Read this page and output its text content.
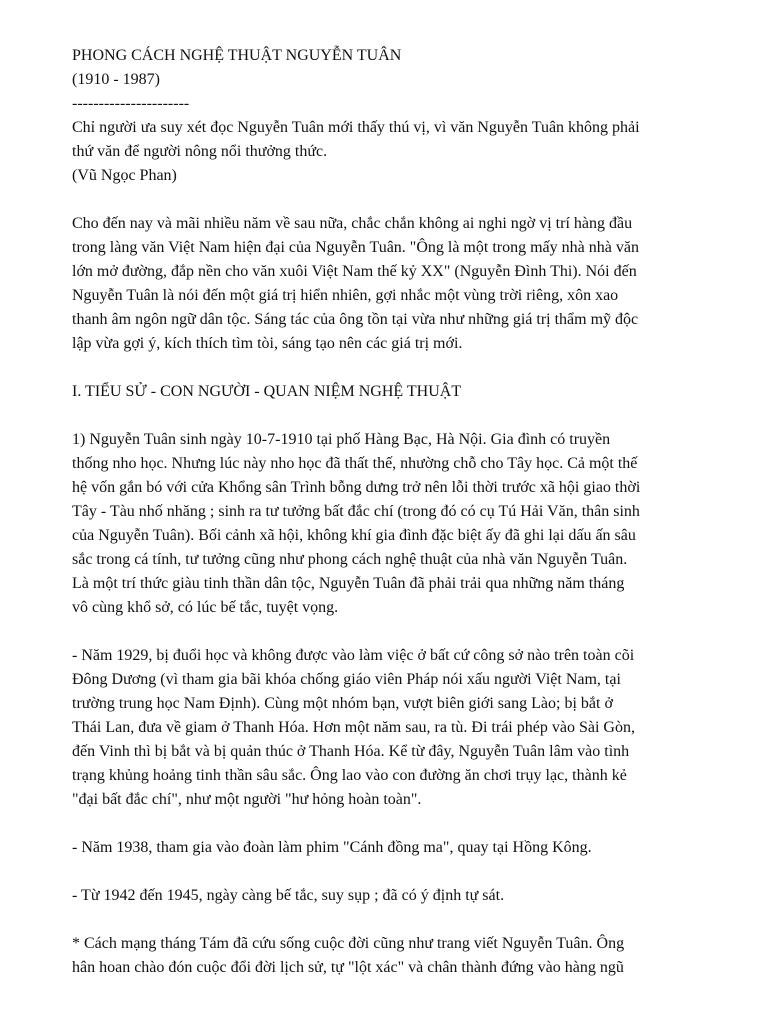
PHONG CÁCH NGHỆ THUẬT NGUYỄN TUÂN

(1910 - 1987)

----------------------

Chỉ người ưa suy xét đọc Nguyễn Tuân mới thấy thú vị, vì văn Nguyễn Tuân không phải
thứ văn để người nông nổi thưởng thức.

(Vũ Ngọc Phan)

Cho đến nay và mãi nhiều năm về sau nữa, chắc chắn không ai nghi ngờ vị trí hàng đầu
trong làng văn Việt Nam hiện đại của Nguyễn Tuân. "Ông là một trong mấy nhà nhà văn
lớn mở đường, đắp nền cho văn xuôi Việt Nam thế kỷ XX" (Nguyễn Đình Thi). Nói đến
Nguyễn Tuân là nói đến một giá trị hiển nhiên, gợi nhắc một vùng trời riêng, xôn xao
thanh âm ngôn ngữ dân tộc. Sáng tác của ông tồn tại vừa như những giá trị thẩm mỹ độc
lập vừa gợi ý, kích thích tìm tòi, sáng tạo nên các giá trị mới.

I. TIỂU SỬ - CON NGƯỜI - QUAN NIỆM NGHỆ THUẬT

1) Nguyễn Tuân sinh ngày 10-7-1910 tại phố Hàng Bạc, Hà Nội. Gia đình có truyền
thống nho học. Nhưng lúc này nho học đã thất thế, nhường chỗ cho Tây học. Cả một thế
hệ vốn gắn bó với cửa Khổng sân Trình bỗng dưng trở nên lỗi thời trước xã hội giao thời
Tây - Tàu nhố nhăng ; sinh ra tư tưởng bất đắc chí (trong đó có cụ Tú Hải Văn, thân sinh
của Nguyễn Tuân). Bối cảnh xã hội, không khí gia đình đặc biệt ấy đã ghi lại dấu ấn sâu
sắc trong cá tính, tư tưởng cũng như phong cách nghệ thuật của nhà văn Nguyễn Tuân.
Là một trí thức giàu tinh thần dân tộc, Nguyễn Tuân đã phải trải qua những năm tháng
vô cùng khổ sở, có lúc bế tắc, tuyệt vọng.

- Năm 1929, bị đuổi học và không được vào làm việc ở bất cứ công sở nào trên toàn cõi
Đông Dương (vì tham gia bãi khóa chống giáo viên Pháp nói xấu người Việt Nam, tại
trường trung học Nam Định). Cùng một nhóm bạn, vượt biên giới sang Lào; bị bắt ở
Thái Lan, đưa về giam ở Thanh Hóa. Hơn một năm sau, ra tù. Đi trái phép vào Sài Gòn,
đến Vinh thì bị bắt và bị quản thúc ở Thanh Hóa. Kể từ đây, Nguyễn Tuân lâm vào tình
trạng khủng hoảng tinh thần sâu sắc. Ông lao vào con đường ăn chơi trụy lạc, thành kẻ
"đại bất đắc chí", như một người "hư hỏng hoàn toàn".

- Năm 1938, tham gia vào đoàn làm phim "Cánh đồng ma", quay tại Hồng Kông.

- Từ 1942 đến 1945, ngày càng bế tắc, suy sụp ; đã có ý định tự sát.

* Cách mạng tháng Tám đã cứu sống cuộc đời cũng như trang viết Nguyễn Tuân. Ông
hân hoan chào đón cuộc đổi đời lịch sử, tự "lột xác" và chân thành đứng vào hàng ngũ
